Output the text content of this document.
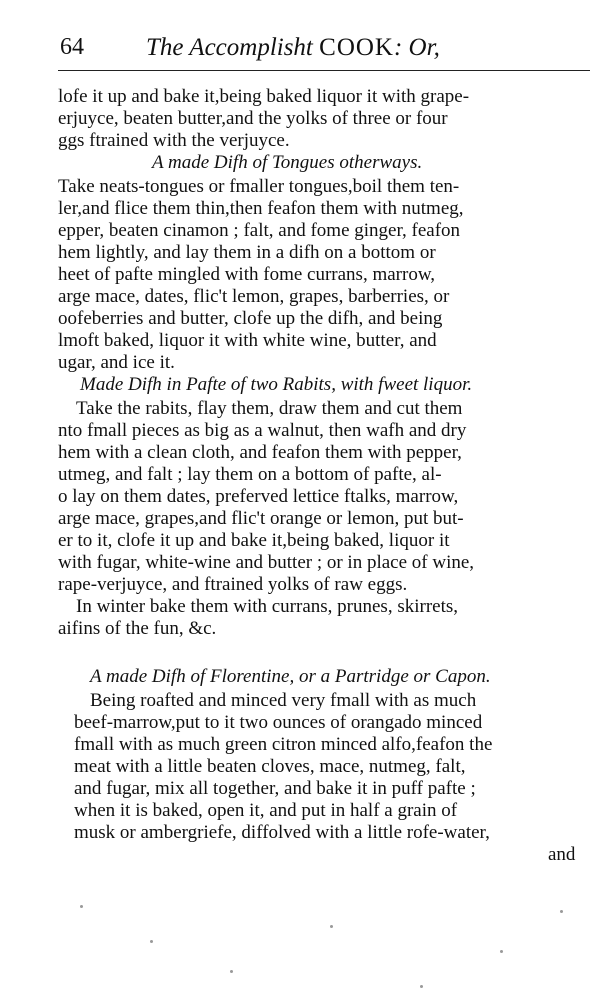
64 The Accomplisht COOK: Or,
lofe it up and bake it,being baked liquor it with grape-
erjuyce, beaten butter,and the yolks of three or four
ggs ftrained with the verjuyce.
A made Difh of Tongues otherways.
Take neats-tongues or fmaller tongues,boil them ten-
ler,and flice them thin,then feafon them with nutmeg,
epper, beaten cinamon ; falt, and fome ginger, feafon
hem lightly, and lay them in a difh on a bottom or
heet of pafte mingled with fome currans, marrow,
arge mace, dates, flic't lemon, grapes, barberries, or
oofeberries and butter, clofe up the difh, and being
lmoft baked, liquor it with white wine, butter, and
ugar, and ice it.
Made Difh in Pafte of two Rabits, with fweet liquor.
Take the rabits, flay them, draw them and cut them
nto fmall pieces as big as a walnut, then wafh and dry
hem with a clean cloth, and feafon them with pepper,
utmeg, and falt ; lay them on a bottom of pafte, al-
o lay on them dates, preferved lettice ftalks, marrow,
arge mace, grapes,and flic't orange or lemon, put but-
er to it, clofe it up and bake it,being baked, liquor it
with fugar, white-wine and butter ; or in place of wine,
rape-verjuyce, and ftrained yolks of raw eggs.
In winter bake them with currans, prunes, skirrets,
aifins of the fun, &c.
A made Difh of Florentine, or a Partridge or Capon.
Being roafted and minced very fmall with as much
beef-marrow,put to it two ounces of orangado minced
fmall with as much green citron minced alfo,feafon the
meat with a little beaten cloves, mace, nutmeg, falt,
and fugar, mix all together, and bake it in puff pafte ;
when it is baked, open it, and put in half a grain of
musk or ambergriefe, diffolved with a little rofe-water,
and
